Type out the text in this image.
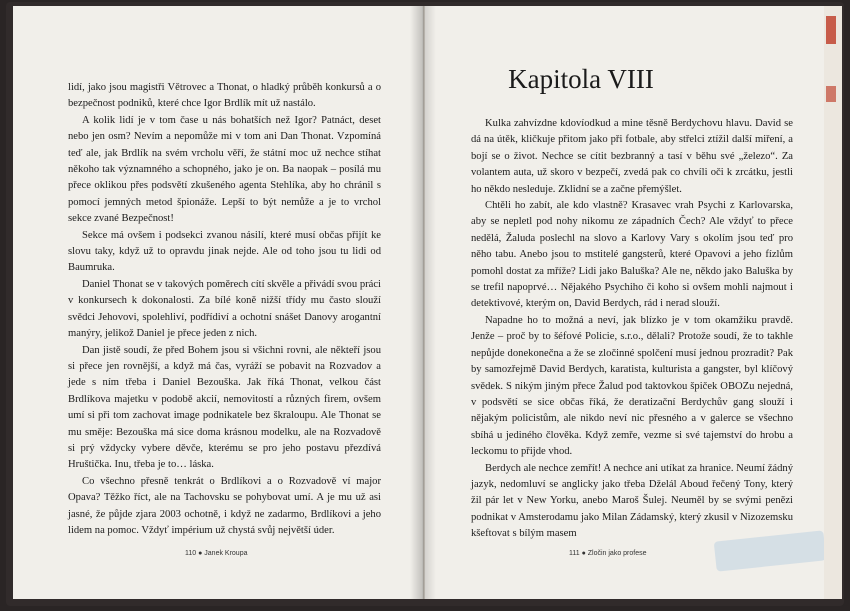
lidí, jako jsou magistři Větrovec a Thonat, o hladký průběh konkursů a o bezpečnost podniků, které chce Igor Brdlík mít už nastálo.

A kolik lidí je v tom čase u nás bohatších než Igor? Patnáct, deset nebo jen osm? Nevím a nepomůže mi v tom ani Dan Thonat. Vzpomíná teď ale, jak Brdlík na svém vrcholu věří, že státní moc už nechce stíhat někoho tak významného a schopného, jako je on. Ba naopak – posílá mu přece oklikou přes podsvětí zkušeného agenta Stehlíka, aby ho chránil s pomocí jemných metod špionáže. Lepší to být nemůže a je to vrchol sekce zvané Bezpečnost!

Sekce má ovšem i podsekci zvanou násilí, které musí občas přijít ke slovu taky, když už to opravdu jinak nejde. Ale od toho jsou tu lidi od Baumruka.

Daniel Thonat se v takových poměrech cítí skvěle a přivádí svou práci v konkursech k dokonalosti. Za bílé koně nižší třídy mu často slouží svědci Jehovovi, spolehliví, podřídiví a ochotní snášet Danovy arogantní manýry, jelikož Daniel je přece jeden z nich.

Dan jistě soudí, že před Bohem jsou si všichni rovni, ale někteří jsou si přece jen rovnější, a když má čas, vyráží se pobavit na Rozvadov a jede s ním třeba i Daniel Bezouška. Jak říká Thonat, velkou část Brdlíkova majetku v podobě akcií, nemovitostí a různých firem, ovšem umí si při tom zachovat image podnikatele bez škraloupu. Ale Thonat se mu směje: Bezouška má sice doma krásnou modelku, ale na Rozvadově si prý vždycky vybere děvče, kterému se pro jeho postavu přezdívá Hruštička. Inu, třeba je to… láska.

Co všechno přesně tenkrát o Brdlíkovi a o Rozvadově ví major Opava? Těžko říct, ale na Tachovsku se pohybovat umí. A je mu už asi jasné, že půjde zjara 2003 ochotně, i když ne zadarmo, Brdlíkovi a jeho lidem na pomoc. Vždyť impérium už chystá svůj největší úder.

110 ● Janek Kroupa
Kapitola VIII

Kulka zahvízdne kdovíodkud a mine těsně Berdychovu hlavu. David se dá na útěk, kličkuje přitom jako při fotbale, aby střelci ztížil další miření, a bojí se o život. Nechce se cítit bezbranný a tasí v běhu své „železo“. Za volantem auta, už skoro v bezpečí, zvedá pak co chvíli oči k zrcátku, jestli ho někdo nesleduje. Zklidní se a začne přemýšlet.

Chtěli ho zabít, ale kdo vlastně? Krasavec vrah Psychi z Karlovarska, aby se nepletl pod nohy nikomu ze západních Čech? Ale vždyť to přece nedělá, Žaluda poslechl na slovo a Karlovy Vary s okolím jsou teď pro něho tabu. Anebo jsou to mstitelé gangsterů, které Opavovi a jeho fízlům pomohl dostat za mříže? Lidi jako Baluška? Ale ne, někdo jako Baluška by se trefil napoprvé… Nějakého Psychiho či koho si ovšem mohli najmout i detektivové, kterým on, David Berdych, rád i nerad slouží.

Napadne ho to možná a neví, jak blízko je v tom okamžiku pravdě. Jenže – proč by to šéfové Policie, s.r.o., dělali? Protože soudí, že to takhle nepůjde donekonečna a že se zločinné spolčení musí jednou prozradit? Pak by samozřejmě David Berdych, karatista, kulturista a gangster, byl klíčový svědek. S nikým jiným přece Žalud pod taktovkou špiček OBOZu nejedná, v podsvětí se sice občas říká, že deratizační Berdychův gang slouží i nějakým policistům, ale nikdo neví nic přesného a v galerce se všechno sbíhá u jediného člověka. Když zemře, vezme si své tajemství do hrobu a leckomu to přijde vhod.

Berdych ale nechce zemřít! A nechce ani utíkat za hranice. Neumí žádný jazyk, nedomluví se anglicky jako třeba Dželál Aboud řečený Tony, který žil pár let v New Yorku, anebo Maroš Šulej. Neuměl by se svými penězi podnikat v Amsterodamu jako Milan Zádamský, který zkusil v Nizozemsku kšeftovat s bílým masem

111 ● Zločin jako profese
